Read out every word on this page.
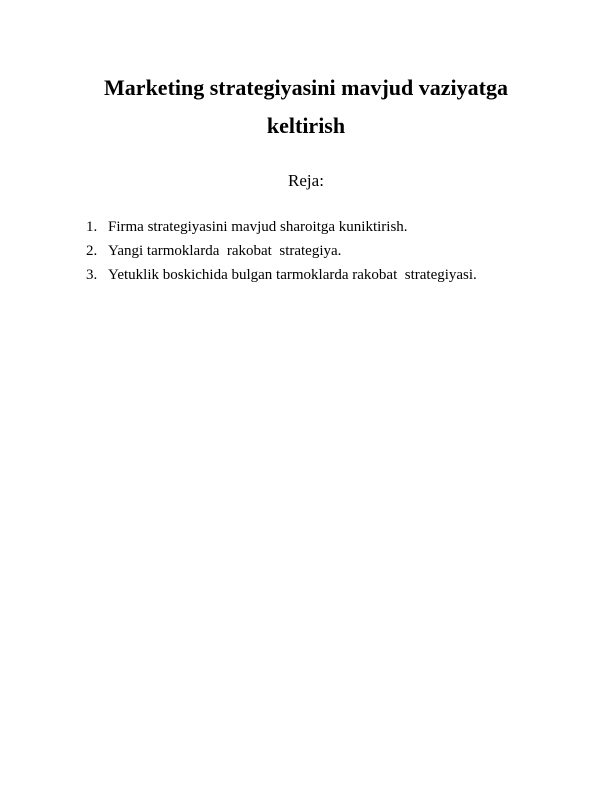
Marketing strategiyasini mavjud vaziyatga
keltirish
Reja:
1. Firma strategiyasini mavjud sharoitga kuniktirish.
2. Yangi tarmoklarda  rakobat  strategiya.
3. Yetuklik boskichida bulgan tarmoklarda rakobat  strategiyasi.
